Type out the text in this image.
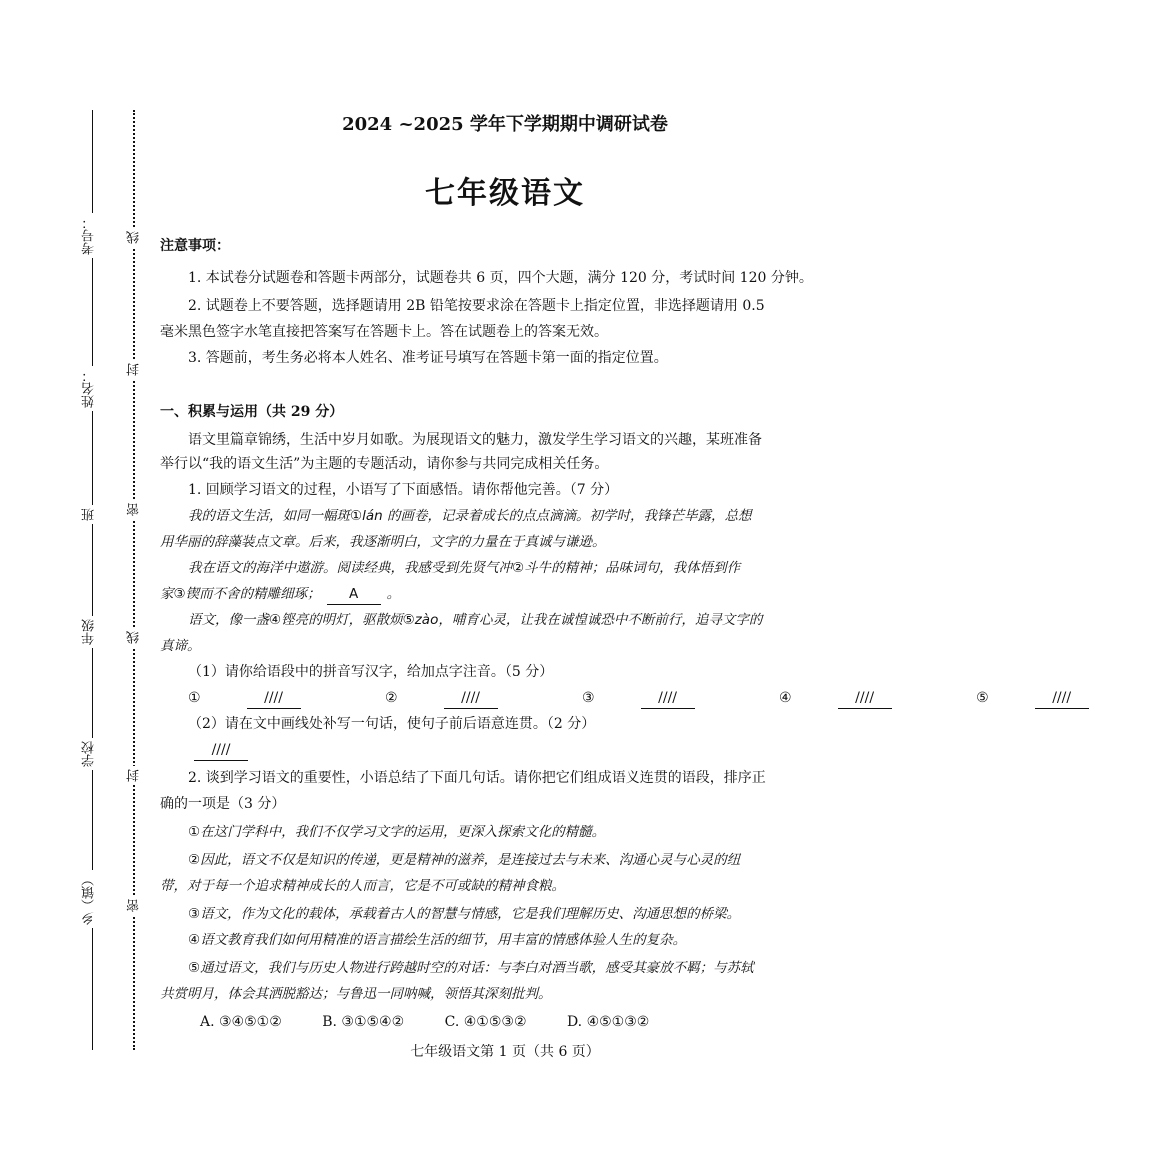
考号：
姓名：
班
年级
学校
乡（镇）
线
封
密
线
封
密
2024 ~2025 学年下学期期中调研试卷
七年级语文
注意事项：
1. 本试卷分试题卷和答题卡两部分，试题卷共 6 页，四个大题，满分 120 分，考试时间 120 分钟。
2. 试题卷上不要答题，选择题请用 2B 铅笔按要求涂在答题卡上指定位置，非选择题请用 0.5
毫米黑色签字水笔直接把答案写在答题卡上。答在试题卷上的答案无效。
3. 答题前，考生务必将本人姓名、准考证号填写在答题卡第一面的指定位置。
一、积累与运用（共 29 分）
语文里篇章锦绣，生活中岁月如歌。为展现语文的魅力，激发学生学习语文的兴趣，某班准备
举行以“我的语文生活”为主题的专题活动，请你参与共同完成相关任务。
1. 回顾学习语文的过程，小语写了下面感悟。请你帮他完善。（7 分）
我的语文生活，如同一幅斑①lán 的画卷，记录着成长的点点滴滴。初学时，我锋芒毕露，总想
用华丽的辞藻装点文章。后来，我逐渐明白，文字的力量在于真诚与谦逊。
我在语文的海洋中遨游。阅读经典，我感受到先贤气冲②斗牛的精神；品味词句，我体悟到作
家③锲而不舍的精雕细琢； A 。
语文，像一盏④铿亮的明灯，驱散烦⑤zào，哺育心灵，让我在诚惶诚恐中不断前行，追寻文字的
真谛。
（1）请你给语段中的拼音写汉字，给加点字注音。（5 分）
①	////	②	////	③	////	④	////	⑤	////
（2）请在文中画线处补写一句话，使句子前后语意连贯。（2 分）
////
2. 谈到学习语文的重要性，小语总结了下面几句话。请你把它们组成语义连贯的语段，排序正
确的一项是（3 分）
①在这门学科中，我们不仅学习文字的运用，更深入探索文化的精髓。
②因此，语文不仅是知识的传递，更是精神的滋养，是连接过去与未来、沟通心灵与心灵的纽
带，对于每一个追求精神成长的人而言，它是不可或缺的精神食粮。
③语文，作为文化的载体，承载着古人的智慧与情感，它是我们理解历史、沟通思想的桥梁。
④语文教育我们如何用精准的语言描绘生活的细节，用丰富的情感体验人生的复杂。
⑤通过语文，我们与历史人物进行跨越时空的对话：与李白对酒当歌，感受其豪放不羁；与苏轼
共赏明月，体会其洒脱豁达；与鲁迅一同呐喊，领悟其深刻批判。
A. ③④⑤①②	B. ③①⑤④②	C. ④①⑤③②	D. ④⑤①③②
七年级语文第 1 页（共 6 页）
